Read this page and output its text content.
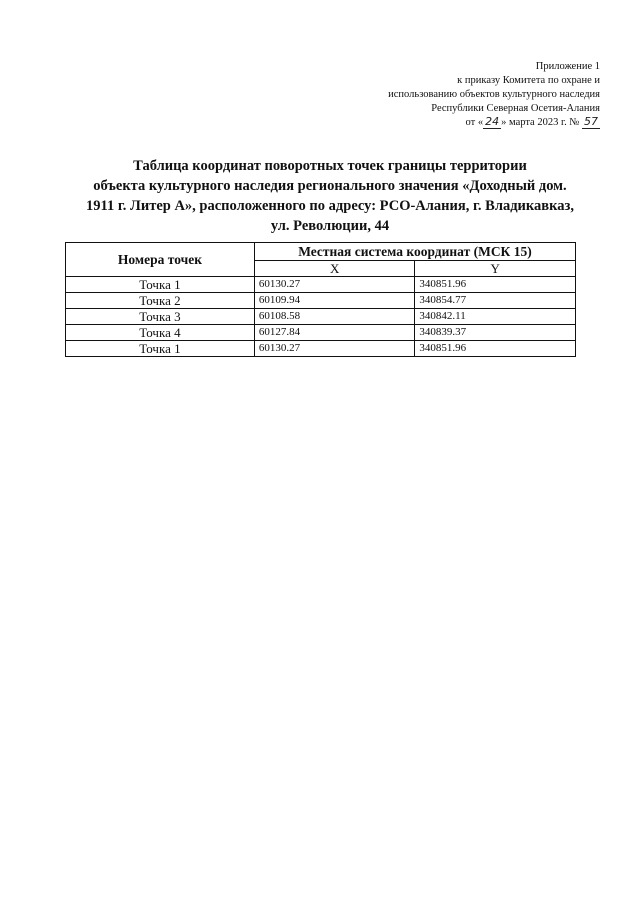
Приложение 1
к приказу Комитета по охране и
использованию объектов культурного наследия
Республики Северная Осетия-Алания
от « 24 » марта 2023 г. № 57
Таблица координат поворотных точек границы территории
объекта культурного наследия регионального значения «Доходный дом.
1911 г. Литер А», расположенного по адресу: РСО-Алания, г. Владикавказ,
ул. Революции, 44
Номера точек	Местная система координат (МСК 15)	
	X	Y
Точка 1	60130.27	340851.96
Точка 2	60109.94	340854.77
Точка 3	60108.58	340842.11
Точка 4	60127.84	340839.37
Точка 1	60130.27	340851.96
